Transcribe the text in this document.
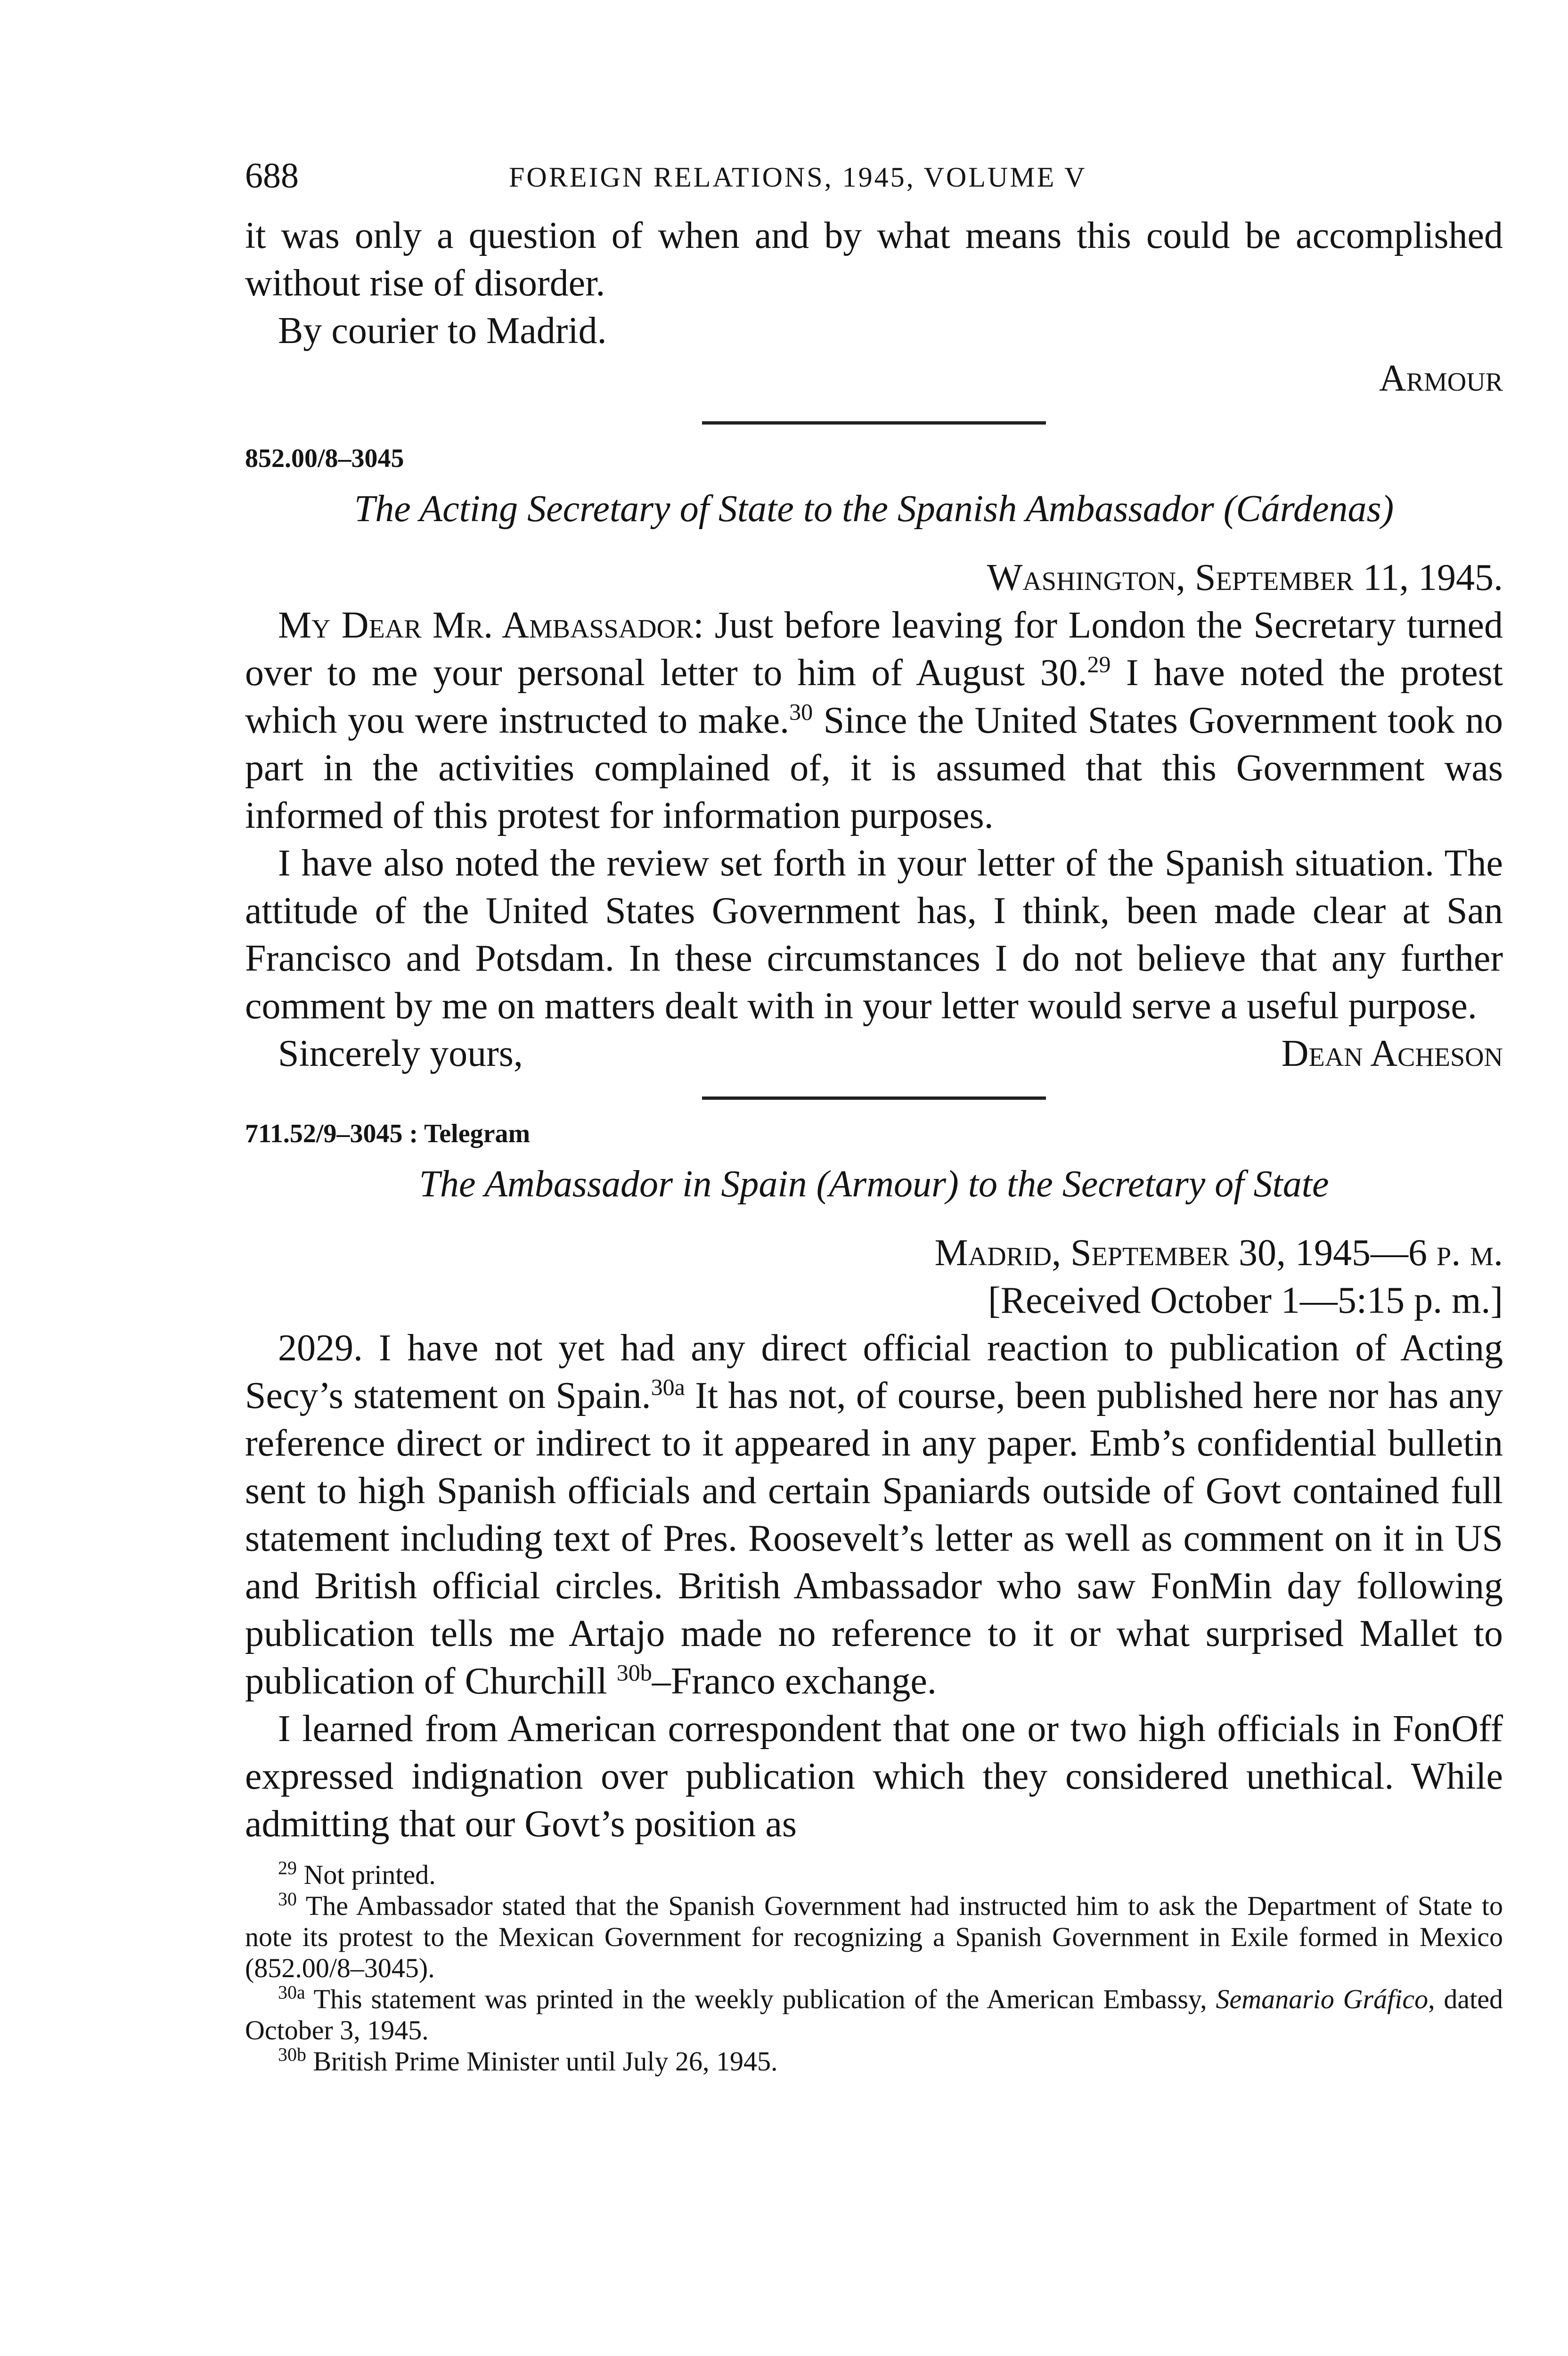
688	FOREIGN RELATIONS, 1945, VOLUME V

it was only a question of when and by what means this could be accomplished without rise of disorder.

By courier to Madrid.

Armour

852.00/8–3045

The Acting Secretary of State to the Spanish Ambassador (Cárdenas)

Washington, September 11, 1945.

My Dear Mr. Ambassador: Just before leaving for London the Secretary turned over to me your personal letter to him of August 30.29 I have noted the protest which you were instructed to make.$^{30}$ Since the United States Government took no part in the activities complained of, it is assumed that this Government was informed of this protest for information purposes.

I have also noted the review set forth in your letter of the Spanish situation. The attitude of the United States Government has, I think, been made clear at San Francisco and Potsdam. In these circumstances I do not believe that any further comment by me on matters dealt with in your letter would serve a useful purpose.

Sincerely yours,	Dean Acheson

711.52/9–3045 : Telegram

The Ambassador in Spain (Armour) to the Secretary of State

Madrid, September 30, 1945—6 p. m.

[Received October 1—5:15 p. m.]

2029. I have not yet had any direct official reaction to publication of Acting Secy’s statement on Spain.$^{30a}$ It has not, of course, been published here nor has any reference direct or indirect to it appeared in any paper. Emb’s confidential bulletin sent to high Spanish officials and certain Spaniards outside of Govt contained full statement including text of Pres. Roosevelt’s letter as well as comment on it in US and British official circles. British Ambassador who saw FonMin day following publication tells me Artajo made no reference to it or what surprised Mallet to publication of Churchill $^{30b}$–Franco exchange.

I learned from American correspondent that one or two high officials in FonOff expressed indignation over publication which they considered unethical. While admitting that our Govt’s position as

$^{29}$ Not printed.

$^{30}$ The Ambassador stated that the Spanish Government had instructed him to ask the Department of State to note its protest to the Mexican Government for recognizing a Spanish Government in Exile formed in Mexico (852.00/8–3045).

$^{30a}$ This statement was printed in the weekly publication of the American Embassy, Semanario Gráfico, dated October 3, 1945.

$^{30b}$ British Prime Minister until July 26, 1945.
